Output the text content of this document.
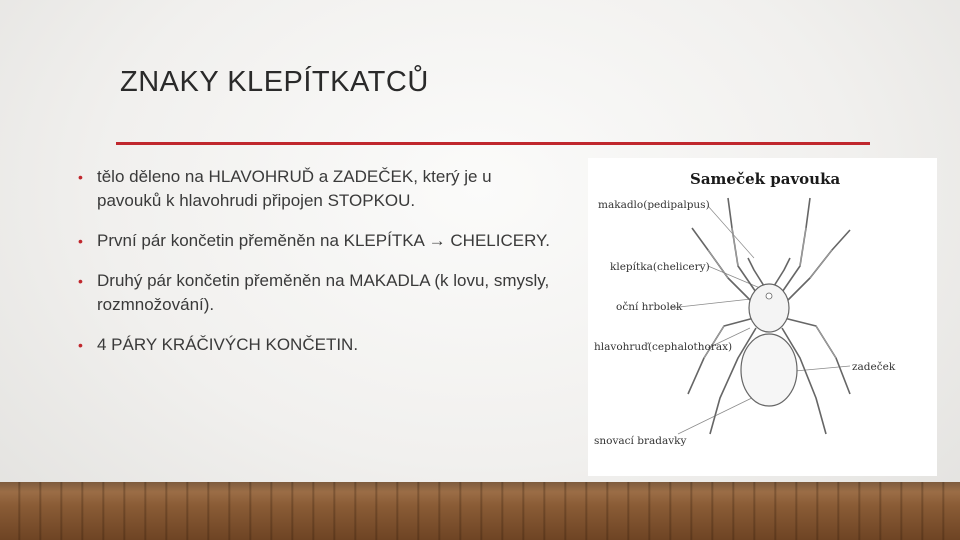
ZNAKY KLEPÍTKATCŮ
• tělo děleno na HLAVOHRUĎ a ZADEČEK, který je u pavouků k hlavohrudi připojen STOPKOU.
• První pár končetin přeměněn na KLEPÍTKA → CHELICERY.
• Druhý pár končetin přeměněn na MAKADLA (k lovu, smysly, rozmnožování).
• 4 PÁRY KRÁČIVÝCH KONČETIN.
Sameček pavouka
makadlo(pedipalpus)
klepítka(chelicery)
oční hrbolek
hlavohruď(cephalothorax)
zadeček
snovací bradavky
